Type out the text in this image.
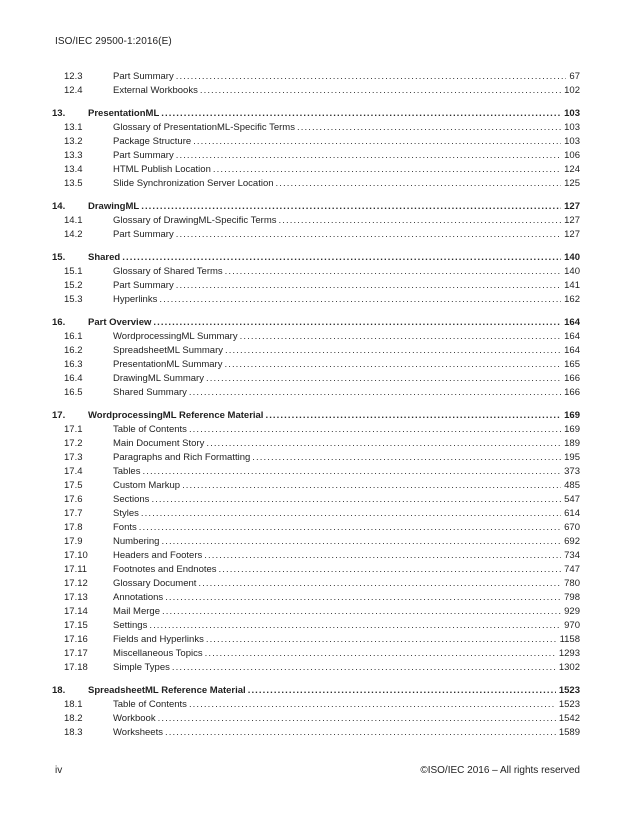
ISO/IEC 29500-1:2016(E)
12.3	Part Summary .....	67
12.4	External Workbooks .....	102
13.	PresentationML .....	103
13.1	Glossary of PresentationML-Specific Terms .....	103
13.2	Package Structure .....	103
13.3	Part Summary .....	106
13.4	HTML Publish Location .....	124
13.5	Slide Synchronization Server Location .....	125
14.	DrawingML .....	127
14.1	Glossary of DrawingML-Specific Terms .....	127
14.2	Part Summary .....	127
15.	Shared .....	140
15.1	Glossary of Shared Terms .....	140
15.2	Part Summary .....	141
15.3	Hyperlinks .....	162
16.	Part Overview .....	164
16.1	WordprocessingML Summary .....	164
16.2	SpreadsheetML Summary .....	164
16.3	PresentationML Summary .....	165
16.4	DrawingML Summary .....	166
16.5	Shared Summary .....	166
17.	WordprocessingML Reference Material .....	169
17.1	Table of Contents .....	169
17.2	Main Document Story .....	189
17.3	Paragraphs and Rich Formatting .....	195
17.4	Tables .....	373
17.5	Custom Markup .....	485
17.6	Sections .....	547
17.7	Styles .....	614
17.8	Fonts .....	670
17.9	Numbering .....	692
17.10	Headers and Footers .....	734
17.11	Footnotes and Endnotes .....	747
17.12	Glossary Document .....	780
17.13	Annotations .....	798
17.14	Mail Merge .....	929
17.15	Settings .....	970
17.16	Fields and Hyperlinks .....	1158
17.17	Miscellaneous Topics .....	1293
17.18	Simple Types .....	1302
18.	SpreadsheetML Reference Material .....	1523
18.1	Table of Contents .....	1523
18.2	Workbook .....	1542
18.3	Worksheets .....	1589
iv	©ISO/IEC 2016 – All rights reserved
